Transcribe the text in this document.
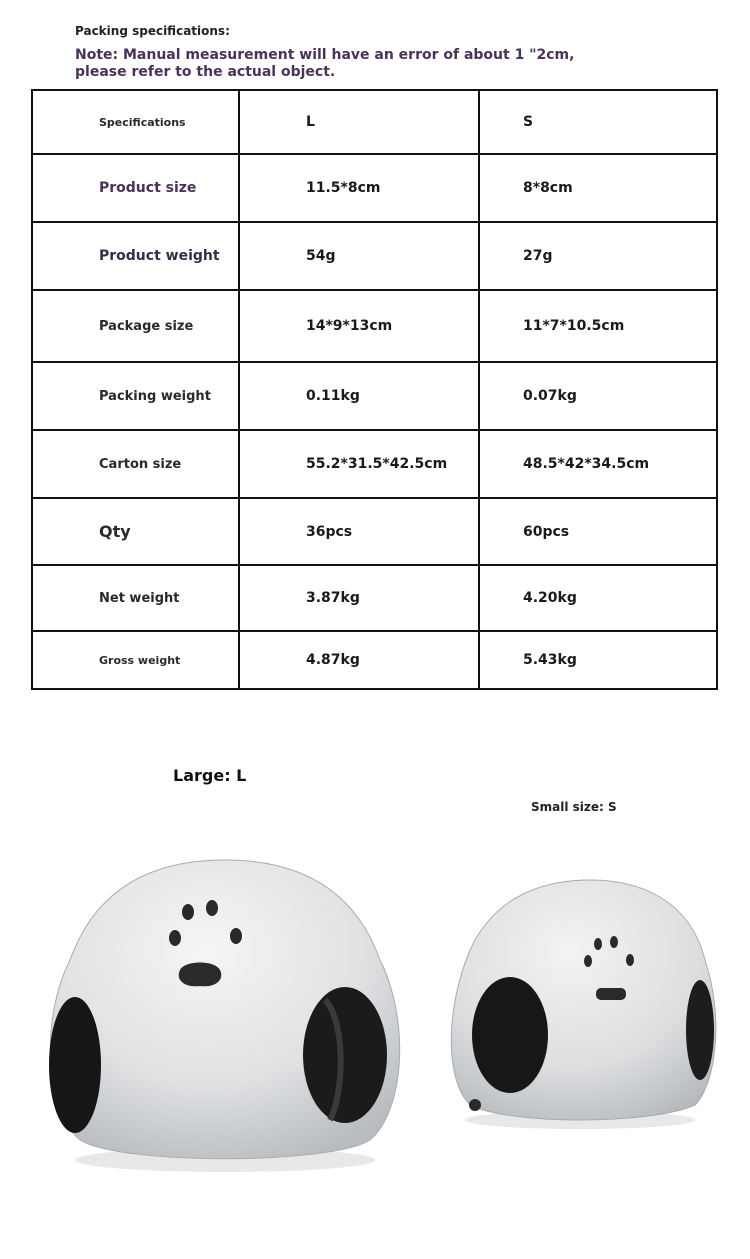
Packing specifications:
Note: Manual measurement will have an error of about 1 "2cm,
please refer to the actual object.
Specifications	L	S
Product size	11.5*8cm	8*8cm
Product weight	54g	27g
Package size	14*9*13cm	11*7*10.5cm
Packing weight	0.11kg	0.07kg
Carton size	55.2*31.5*42.5cm	48.5*42*34.5cm
Qty	36pcs	60pcs
Net weight	3.87kg	4.20kg
Gross weight	4.87kg	5.43kg
Large: L
Small size: S
